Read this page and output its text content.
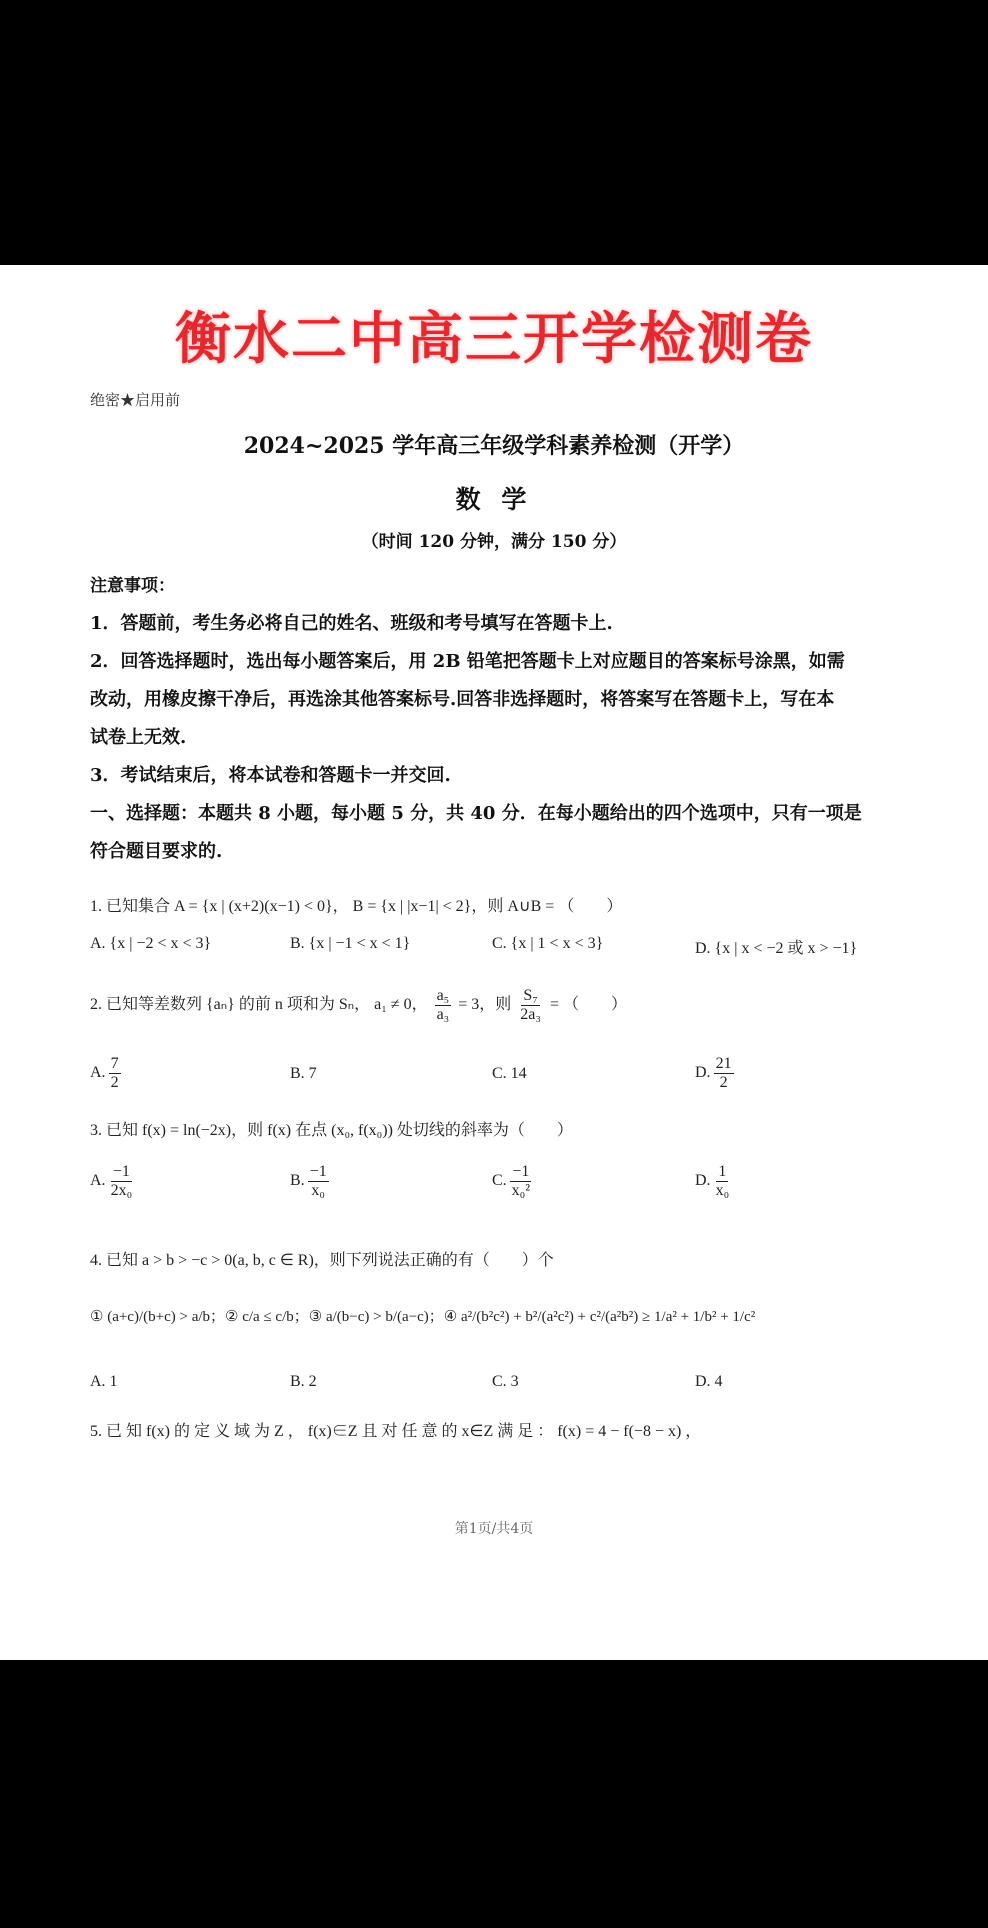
衡水二中高三开学检测卷
绝密★启用前
2024~2025 学年高三年级学科素养检测（开学）
数 学
（时间 120 分钟，满分 150 分）

注意事项：

1．答题前，考生务必将自己的姓名、班级和考号填写在答题卡上.

2．回答选择题时，选出每小题答案后，用 2B 铅笔把答题卡上对应题目的答案标号涂黑，如需

改动，用橡皮擦干净后，再选涂其他答案标号.回答非选择题时，将答案写在答题卡上，写在本

试卷上无效.

3．考试结束后，将本试卷和答题卡一并交回.

一、选择题：本题共 8 小题，每小题 5 分，共 40 分．在每小题给出的四个选项中，只有一项是

符合题目要求的.

1. 已知集合 A = {x | (x+2)(x−1) < 0}， B = {x | |x−1| < 2}，则 A∪B = （　　）
A. {x | −2 < x < 3}	B. {x | −1 < x < 1}	C. {x | 1 < x < 3}	D. {x | x < −2 或 x > −1}
2. 已知等差数列 {aₙ} 的前 n 项和为 Sₙ， a₁ ≠ 0， $\frac{\text{a₅}}{\text{a₃}} = 3$，则 $\frac{\text{S₇}}{\text{2a₃}}$ = （　　）
A. $\frac{7}{2}$	B. 7	C. 14	D. $\frac{21}{2}$
3. 已知 f(x) = ln(−2x)，则 f(x) 在点 (x₀, f(x₀)) 处切线的斜率为（　　）
A. $\frac{-1}{\text{2x₀}}$	B. $\frac{-1}{\text{x₀}}$	C. $\frac{-1}{\text{x₀²}}$	D. $\frac{1}{\text{x₀}}$
4. 已知 a > b > −c > 0(a, b, c ∈ R)，则下列说法正确的有（　　）个
① (a+c)/(b+c) > a/b；② c/a ≤ c/b；③ a/(b−c) > b/(a−c)；④ a²/(b²c²) + b²/(a²c²) + c²/(a²b²) ≥ 1/a² + 1/b² + 1/c²
A. 1	B. 2	C. 3	D. 4
5. 已 知 f(x) 的 定 义 域 为 Z ， f(x)∈Z 且 对 任 意 的 x∈Z 满 足 ： f(x) = 4 − f(−8 − x) ，
第1页/共4页
